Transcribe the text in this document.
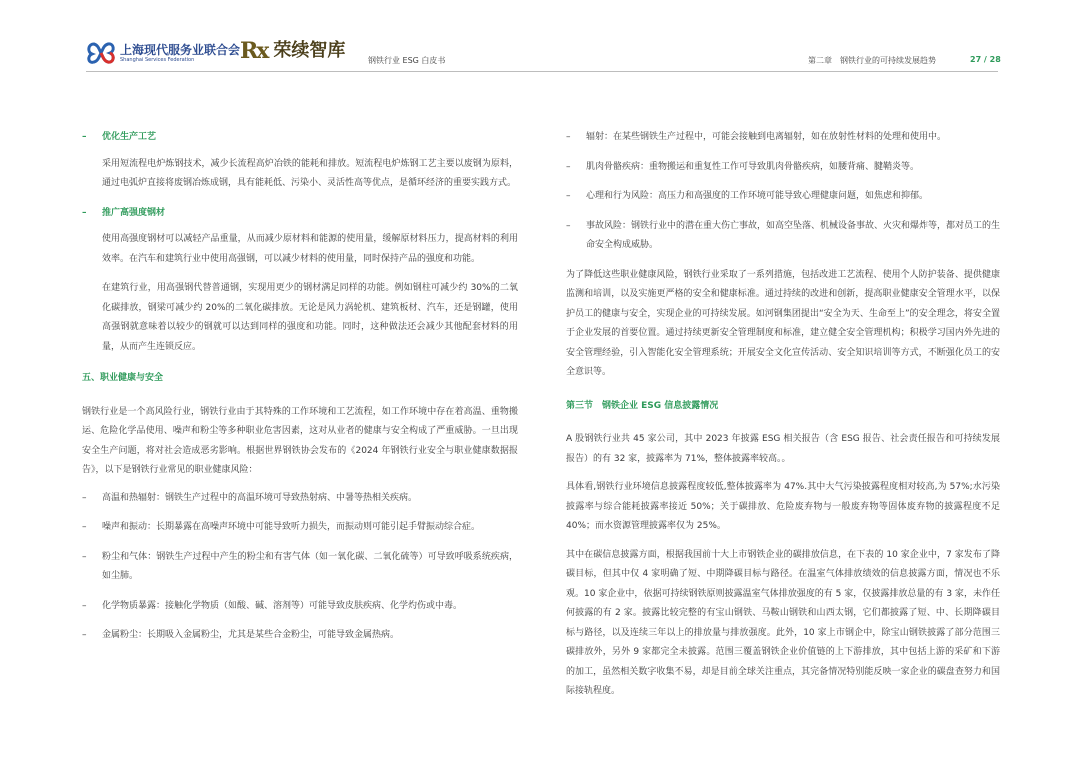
上海现代服务业联合会
Shanghai Services Federation	Rx 荣续智库	钢铁行业 ESG 白皮书	第二章　钢铁行业的可持续发展趋势	27 / 28
–	优化生产工艺

采用短流程电炉炼钢技术，减少长流程高炉冶铁的能耗和排放。短流程电炉炼钢工艺主要以废钢为原料，通过电弧炉直接将废钢冶炼成钢，具有能耗低、污染小、灵活性高等优点，是循环经济的重要实践方式。

–	推广高强度钢材

使用高强度钢材可以减轻产品重量，从而减少原材料和能源的使用量，缓解原材料压力，提高材料的利用效率。在汽车和建筑行业中使用高强钢，可以减少材料的使用量，同时保持产品的强度和功能。

在建筑行业，用高强钢代替普通钢，实现用更少的钢材满足同样的功能。例如钢柱可减少约 30%的二氧化碳排放，钢梁可减少约 20%的二氧化碳排放。无论是风力涡轮机、建筑板材、汽车，还是钢罐，使用高强钢就意味着以较少的钢就可以达到同样的强度和功能。同时，这种做法还会减少其他配套材料的用量，从而产生连锁反应。

五、职业健康与安全

钢铁行业是一个高风险行业，钢铁行业由于其特殊的工作环境和工艺流程，如工作环境中存在着高温、重物搬运、危险化学品使用、噪声和粉尘等多种职业危害因素，这对从业者的健康与安全构成了严重威胁。一旦出现安全生产问题，将对社会造成恶劣影响。根据世界钢铁协会发布的《2024 年钢铁行业安全与职业健康数据报告》，以下是钢铁行业常见的职业健康风险：

–	高温和热辐射：钢铁生产过程中的高温环境可导致热射病、中暑等热相关疾病。
–	噪声和振动：长期暴露在高噪声环境中可能导致听力损失，而振动则可能引起手臂振动综合症。
–	粉尘和气体：钢铁生产过程中产生的粉尘和有害气体（如一氧化碳、二氧化硫等）可导致呼吸系统疾病，如尘肺。
–	化学物质暴露：接触化学物质（如酸、碱、溶剂等）可能导致皮肤疾病、化学灼伤或中毒。
–	金属粉尘：长期吸入金属粉尘，尤其是某些合金粉尘，可能导致金属热病。
–	辐射：在某些钢铁生产过程中，可能会接触到电离辐射，如在放射性材料的处理和使用中。
–	肌肉骨骼疾病：重物搬运和重复性工作可导致肌肉骨骼疾病，如腰背痛、腱鞘炎等。
–	心理和行为风险：高压力和高强度的工作环境可能导致心理健康问题，如焦虑和抑郁。
–	事故风险：钢铁行业中的潜在重大伤亡事故，如高空坠落、机械设备事故、火灾和爆炸等，都对员工的生命安全构成威胁。

为了降低这些职业健康风险，钢铁行业采取了一系列措施，包括改进工艺流程、使用个人防护装备、提供健康监测和培训，以及实施更严格的安全和健康标准。通过持续的改进和创新，提高职业健康安全管理水平，以保护员工的健康与安全，实现企业的可持续发展。如河钢集团提出“安全为天、生命至上”的安全理念，将安全置于企业发展的首要位置。通过持续更新安全管理制度和标准，建立健全安全管理机构；积极学习国内外先进的安全管理经验，引入智能化安全管理系统；开展安全文化宣传活动、安全知识培训等方式，不断强化员工的安全意识等。

第三节　钢铁企业 ESG 信息披露情况

A 股钢铁行业共 45 家公司，其中 2023 年披露 ESG 相关报告（含 ESG 报告、社会责任报告和可持续发展报告）的有 32 家，披露率为 71%，整体披露率较高。。

具体看,钢铁行业环境信息披露程度较低,整体披露率为 47%.其中大气污染披露程度相对较高,为 57%;水污染披露率与综合能耗披露率接近 50%；关于碳排放、危险废弃物与一般废弃物等固体废弃物的披露程度不足 40%；而水资源管理披露率仅为 25%。

其中在碳信息披露方面，根据我国前十大上市钢铁企业的碳排放信息，在下表的 10 家企业中，7 家发布了降碳目标，但其中仅 4 家明确了短、中期降碳目标与路径。在温室气体排放绩效的信息披露方面，情况也不乐观。10 家企业中，依据可持续钢铁原则披露温室气体排放强度的有 5 家，仅披露排放总量的有 3 家，未作任何披露的有 2 家。披露比较完整的有宝山钢铁、马鞍山钢铁和山西太钢，它们都披露了短、中、长期降碳目标与路径，以及连续三年以上的排放量与排放强度。此外，10 家上市钢企中，除宝山钢铁披露了部分范围三碳排放外，另外 9 家都完全未披露。范围三覆盖钢铁企业价值链的上下游排放，其中包括上游的采矿和下游的加工，虽然相关数字收集不易，却是目前全球关注重点，其完备情况特别能反映一家企业的碳盘查努力和国际接轨程度。
